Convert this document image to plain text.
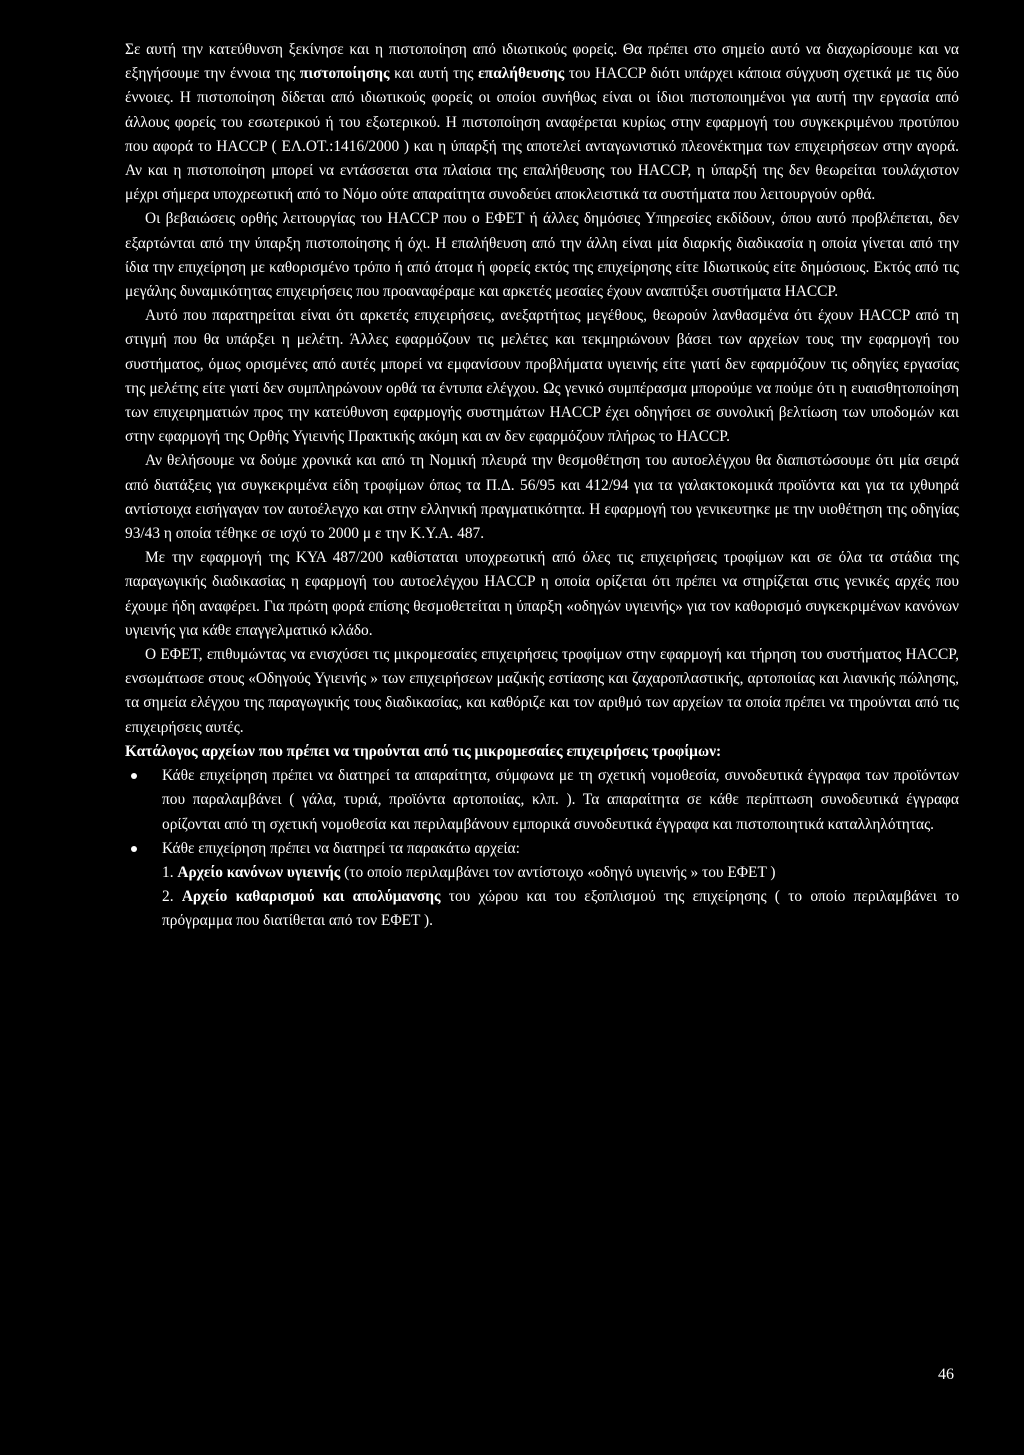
Σε αυτή την κατεύθυνση ξεκίνησε και η πιστοποίηση από ιδιωτικούς φορείς. Θα πρέπει στο σημείο αυτό να διαχωρίσουμε και να εξηγήσουμε την έννοια της πιστοποίησης και αυτή της επαλήθευσης του HACCP διότι υπάρχει κάποια σύγχυση σχετικά με τις δύο έννοιες. Η πιστοποίηση δίδεται από ιδιωτικούς φορείς οι οποίοι συνήθως είναι οι ίδιοι πιστοποιημένοι για αυτή την εργασία από άλλους φορείς του εσωτερικού ή του εξωτερικού. Η πιστοποίηση αναφέρεται κυρίως στην εφαρμογή του συγκεκριμένου προτύπου που αφορά το HACCP ( ΕΛ.ΟΤ.:1416/2000 ) και η ύπαρξή της αποτελεί ανταγωνιστικό πλεονέκτημα των επιχειρήσεων στην αγορά. Αν και η πιστοποίηση μπορεί να εντάσσεται στα πλαίσια της επαλήθευσης του HACCP, η ύπαρξή της δεν θεωρείται τουλάχιστον μέχρι σήμερα υποχρεωτική από το Νόμο ούτε απαραίτητα συνοδεύει αποκλειστικά τα συστήματα που λειτουργούν ορθά.

Οι βεβαιώσεις ορθής λειτουργίας του HACCP που ο ΕΦΕΤ ή άλλες δημόσιες Υπηρεσίες εκδίδουν, όπου αυτό προβλέπεται, δεν εξαρτώνται από την ύπαρξη πιστοποίησης ή όχι. Η επαλήθευση από την άλλη είναι μία διαρκής διαδικασία η οποία γίνεται από την ίδια την επιχείρηση με καθορισμένο τρόπο ή από άτομα ή φορείς εκτός της επιχείρησης είτε Ιδιωτικούς είτε δημόσιους. Εκτός από τις μεγάλης δυναμικότητας επιχειρήσεις που προαναφέραμε και αρκετές μεσαίες έχουν αναπτύξει συστήματα HACCP.

Αυτό που παρατηρείται είναι ότι αρκετές επιχειρήσεις, ανεξαρτήτως μεγέθους, θεωρούν λανθασμένα ότι έχουν HACCP από τη στιγμή που θα υπάρξει η μελέτη. Άλλες εφαρμόζουν τις μελέτες και τεκμηριώνουν βάσει των αρχείων τους την εφαρμογή του συστήματος, όμως ορισμένες από αυτές μπορεί να εμφανίσουν προβλήματα υγιεινής είτε γιατί δεν εφαρμόζουν τις οδηγίες εργασίας της μελέτης είτε γιατί δεν συμπληρώνουν ορθά τα έντυπα ελέγχου. Ως γενικό συμπέρασμα μπορούμε να πούμε ότι η ευαισθητοποίηση των επιχειρηματιών προς την κατεύθυνση εφαρμογής συστημάτων HACCP έχει οδηγήσει σε συνολική βελτίωση των υποδομών και στην εφαρμογή της Ορθής Υγιεινής Πρακτικής ακόμη και αν δεν εφαρμόζουν πλήρως το HACCP.

Αν θελήσουμε να δούμε χρονικά και από τη Νομική πλευρά την θεσμοθέτηση του αυτοελέγχου θα διαπιστώσουμε ότι μία σειρά από διατάξεις για συγκεκριμένα είδη τροφίμων όπως τα Π.Δ. 56/95 και 412/94 για τα γαλακτοκομικά προϊόντα και για τα ιχθυηρά αντίστοιχα εισήγαγαν τον αυτοέλεγχο και στην ελληνική πραγματικότητα. Η εφαρμογή του γενικευτηκε με την υιοθέτηση της οδηγίας 93/43 η οποία τέθηκε σε ισχύ το 2000 μ ε την Κ.Υ.Α. 487.

Με την εφαρμογή της ΚΥΑ 487/200 καθίσταται υποχρεωτική από όλες τις επιχειρήσεις τροφίμων και σε όλα τα στάδια της παραγωγικής διαδικασίας η εφαρμογή του αυτοελέγχου HACCP η οποία ορίζεται ότι πρέπει να στηρίζεται στις γενικές αρχές που έχουμε ήδη αναφέρει. Για πρώτη φορά επίσης θεσμοθετείται η ύπαρξη «οδηγών υγιεινής» για τον καθορισμό συγκεκριμένων κανόνων υγιεινής για κάθε επαγγελματικό κλάδο.

Ο ΕΦΕΤ, επιθυμώντας να ενισχύσει τις μικρομεσαίες επιχειρήσεις τροφίμων στην εφαρμογή και τήρηση του συστήματος HACCP, ενσωμάτωσε στους «Οδηγούς Υγιεινής » των επιχειρήσεων μαζικής εστίασης και ζαχαροπλαστικής, αρτοποιίας και λιανικής πώλησης, τα σημεία ελέγχου της παραγωγικής τους διαδικασίας, και καθόριζε και τον αριθμό των αρχείων τα οποία πρέπει να τηρούνται από τις επιχειρήσεις αυτές.

Κατάλογος αρχείων που πρέπει να τηρούνται από τις μικρομεσαίες επιχειρήσεις τροφίμων:

Κάθε επιχείρηση πρέπει να διατηρεί τα απαραίτητα, σύμφωνα με τη σχετική νομοθεσία, συνοδευτικά έγγραφα των προϊόντων που παραλαμβάνει ( γάλα, τυριά, προϊόντα αρτοποιίας, κλπ. ). Τα απαραίτητα σε κάθε περίπτωση συνοδευτικά έγγραφα ορίζονται από τη σχετική νομοθεσία και περιλαμβάνουν εμπορικά συνοδευτικά έγγραφα και πιστοποιητικά καταλληλότητας.
Κάθε επιχείρηση πρέπει να διατηρεί τα παρακάτω αρχεία:
1. Αρχείο κανόνων υγιεινής (το οποίο περιλαμβάνει τον αντίστοιχο «οδηγό υγιεινής » του ΕΦΕΤ )
2. Αρχείο καθαρισμού και απολύμανσης του χώρου και του εξοπλισμού της επιχείρησης ( το οποίο περιλαμβάνει το πρόγραμμα που διατίθεται από τον ΕΦΕΤ ).
46
